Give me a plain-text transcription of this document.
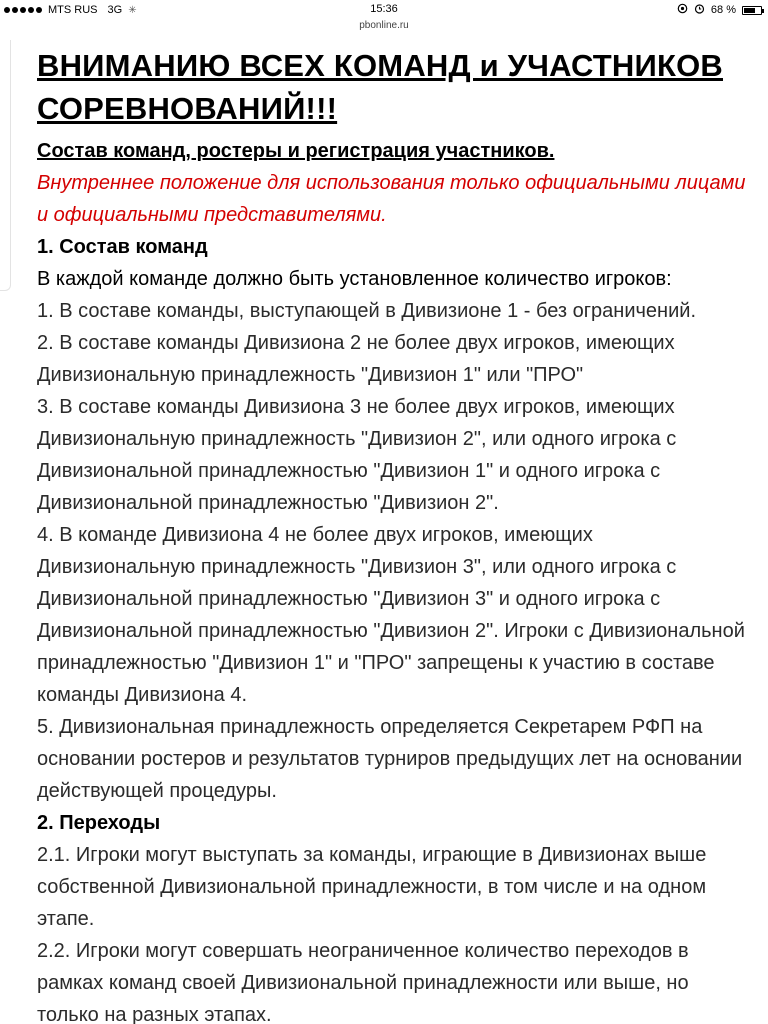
MTS RUS 3G ✳	15:36	68 %
pbonline.ru
ВНИМАНИЮ ВСЕХ КОМАНД и УЧАСТНИКОВ СОРЕВНОВАНИЙ!!!

Состав команд, ростеры и регистрация участников.

Внутреннее положение для использования только официальными лицами и официальными представителями.

1. Состав команд

В каждой команде должно быть установленное количество игроков:

1. В составе команды, выступающей в Дивизионе 1 - без ограничений.

2. В составе команды Дивизиона 2 не более двух игроков, имеющих Дивизиональную принадлежность "Дивизион 1" или "ПРО"

3. В составе команды Дивизиона 3 не более двух игроков, имеющих Дивизиональную принадлежность "Дивизион 2", или одного игрока с Дивизиональной принадлежностью "Дивизион 1" и одного игрока с Дивизиональной принадлежностью "Дивизион 2".

4. В команде Дивизиона 4 не более двух игроков, имеющих Дивизиональную принадлежность "Дивизион 3", или одного игрока с Дивизиональной принадлежностью "Дивизион 3" и одного игрока с Дивизиональной принадлежностью "Дивизион 2". Игроки с Дивизиональной принадлежностью "Дивизион 1" и "ПРО" запрещены к участию в составе команды Дивизиона 4.

5. Дивизиональная принадлежность определяется Секретарем РФП на основании ростеров и результатов турниров предыдущих лет на основании действующей процедуры.

2. Переходы

2.1. Игроки могут выступать за команды, играющие в Дивизионах выше собственной Дивизиональной принадлежности, в том числе и на одном этапе.

2.2. Игроки могут совершать неограниченное количество переходов в рамках команд своей Дивизиональной принадлежности или выше, но только на разных этапах.
